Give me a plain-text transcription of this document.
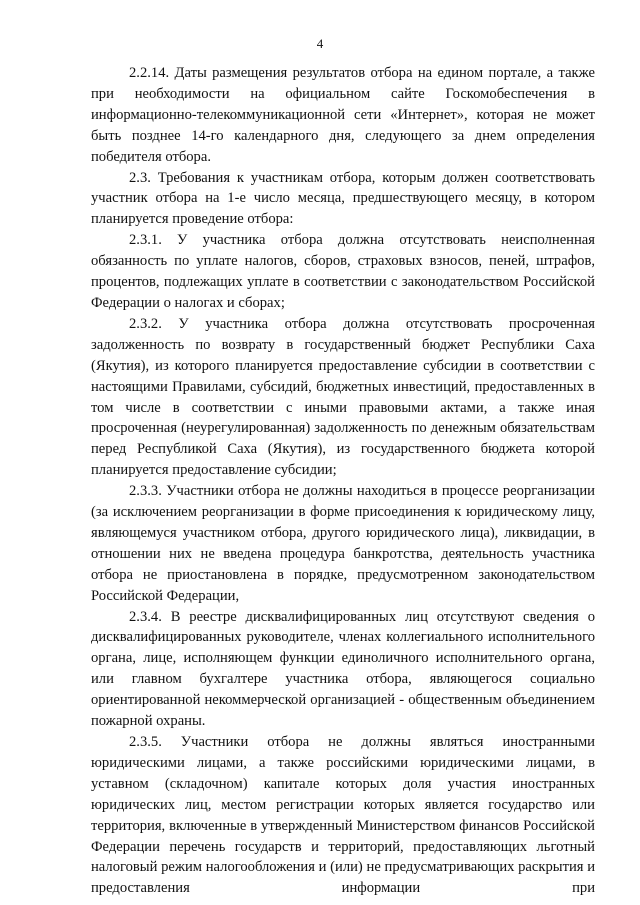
4

2.2.14. Даты размещения результатов отбора на едином портале, а также при необходимости на официальном сайте Госкомобеспечения в информационно-телекоммуникационной сети «Интернет», которая не может быть позднее 14-го календарного дня, следующего за днем определения победителя отбора.

2.3. Требования к участникам отбора, которым должен соответствовать участник отбора на 1-е число месяца, предшествующего месяцу, в котором планируется проведение отбора:

2.3.1. У участника отбора должна отсутствовать неисполненная обязанность по уплате налогов, сборов, страховых взносов, пеней, штрафов, процентов, подлежащих уплате в соответствии с законодательством Российской Федерации о налогах и сборах;

2.3.2. У участника отбора должна отсутствовать просроченная задолженность по возврату в государственный бюджет Республики Саха (Якутия), из которого планируется предоставление субсидии в соответствии с настоящими Правилами, субсидий, бюджетных инвестиций, предоставленных в том числе в соответствии с иными правовыми актами, а также иная просроченная (неурегулированная) задолженность по денежным обязательствам перед Республикой Саха (Якутия), из государственного бюджета которой планируется предоставление субсидии;

2.3.3. Участники отбора не должны находиться в процессе реорганизации (за исключением реорганизации в форме присоединения к юридическому лицу, являющемуся участником отбора, другого юридического лица), ликвидации, в отношении них не введена процедура банкротства, деятельность участника отбора не приостановлена в порядке, предусмотренном законодательством Российской Федерации,

2.3.4. В реестре дисквалифицированных лиц отсутствуют сведения о дисквалифицированных руководителе, членах коллегиального исполнительного органа, лице, исполняющем функции единоличного исполнительного органа, или главном бухгалтере участника отбора, являющегося социально ориентированной некоммерческой организацией - общественным объединением пожарной охраны.

2.3.5. Участники отбора не должны являться иностранными юридическими лицами, а также российскими юридическими лицами, в уставном (складочном) капитале которых доля участия иностранных юридических лиц, местом регистрации которых является государство или территория, включенные в утвержденный Министерством финансов Российской Федерации перечень государств и территорий, предоставляющих льготный налоговый режим налогообложения и (или) не предусматривающих раскрытия и предоставления информации при
